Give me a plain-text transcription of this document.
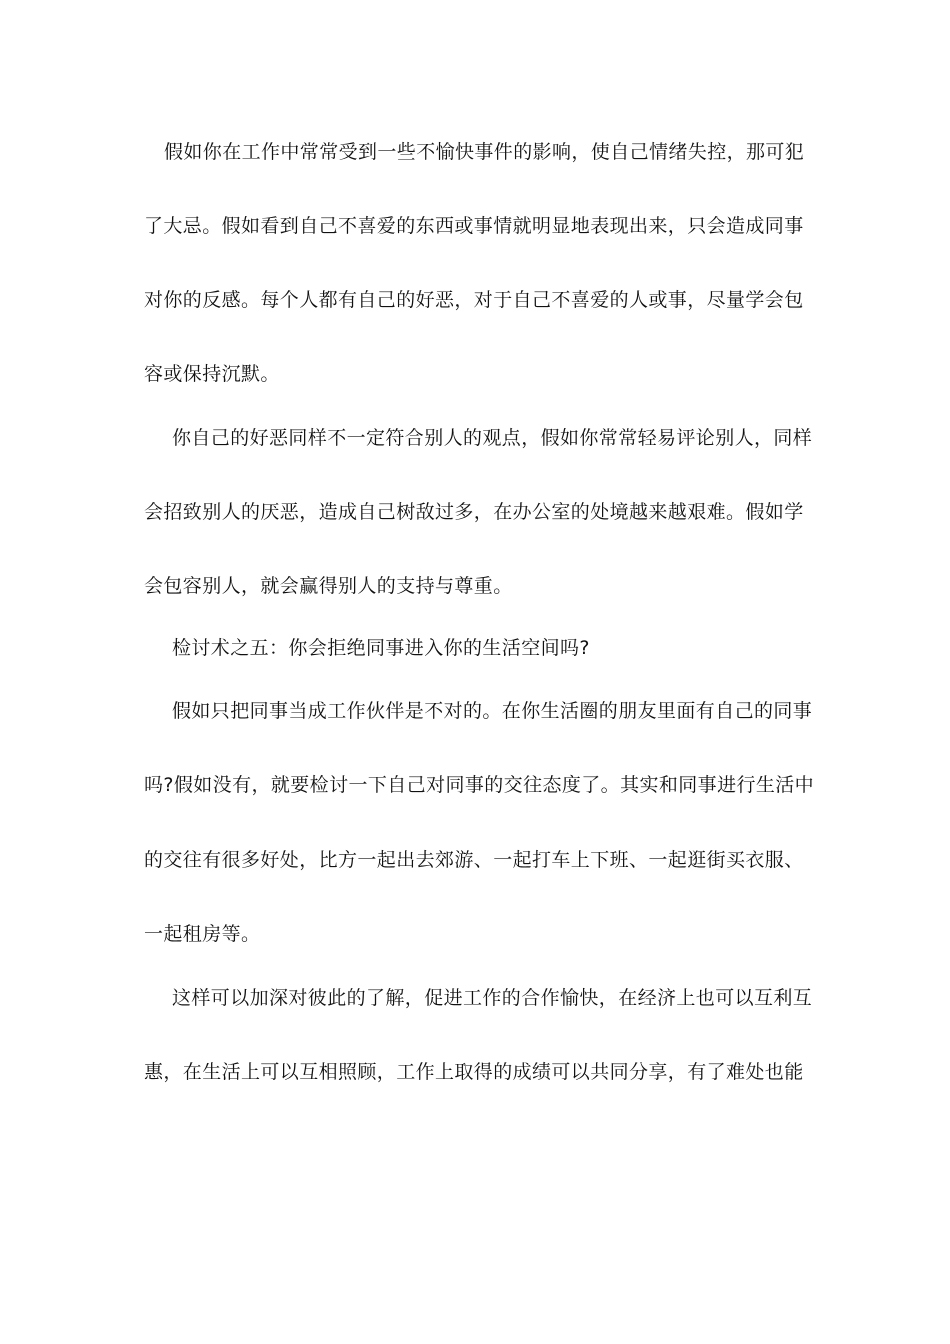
假如你在工作中常常受到一些不愉快事件的影响，使自己情绪失控，那可犯
了大忌。假如看到自己不喜爱的东西或事情就明显地表现出来，只会造成同事
对你的反感。每个人都有自己的好恶，对于自己不喜爱的人或事，尽量学会包
容或保持沉默。
你自己的好恶同样不一定符合别人的观点，假如你常常轻易评论别人，同样
会招致别人的厌恶，造成自己树敌过多，在办公室的处境越来越艰难。假如学
会包容别人，就会赢得别人的支持与尊重。
检讨术之五：你会拒绝同事进入你的生活空间吗?
假如只把同事当成工作伙伴是不对的。在你生活圈的朋友里面有自己的同事
吗?假如没有，就要检讨一下自己对同事的交往态度了。其实和同事进行生活中
的交往有很多好处，比方一起出去郊游、一起打车上下班、一起逛街买衣服、
一起租房等。
这样可以加深对彼此的了解，促进工作的合作愉快，在经济上也可以互利互
惠，在生活上可以互相照顾，工作上取得的成绩可以共同分享，有了难处也能
